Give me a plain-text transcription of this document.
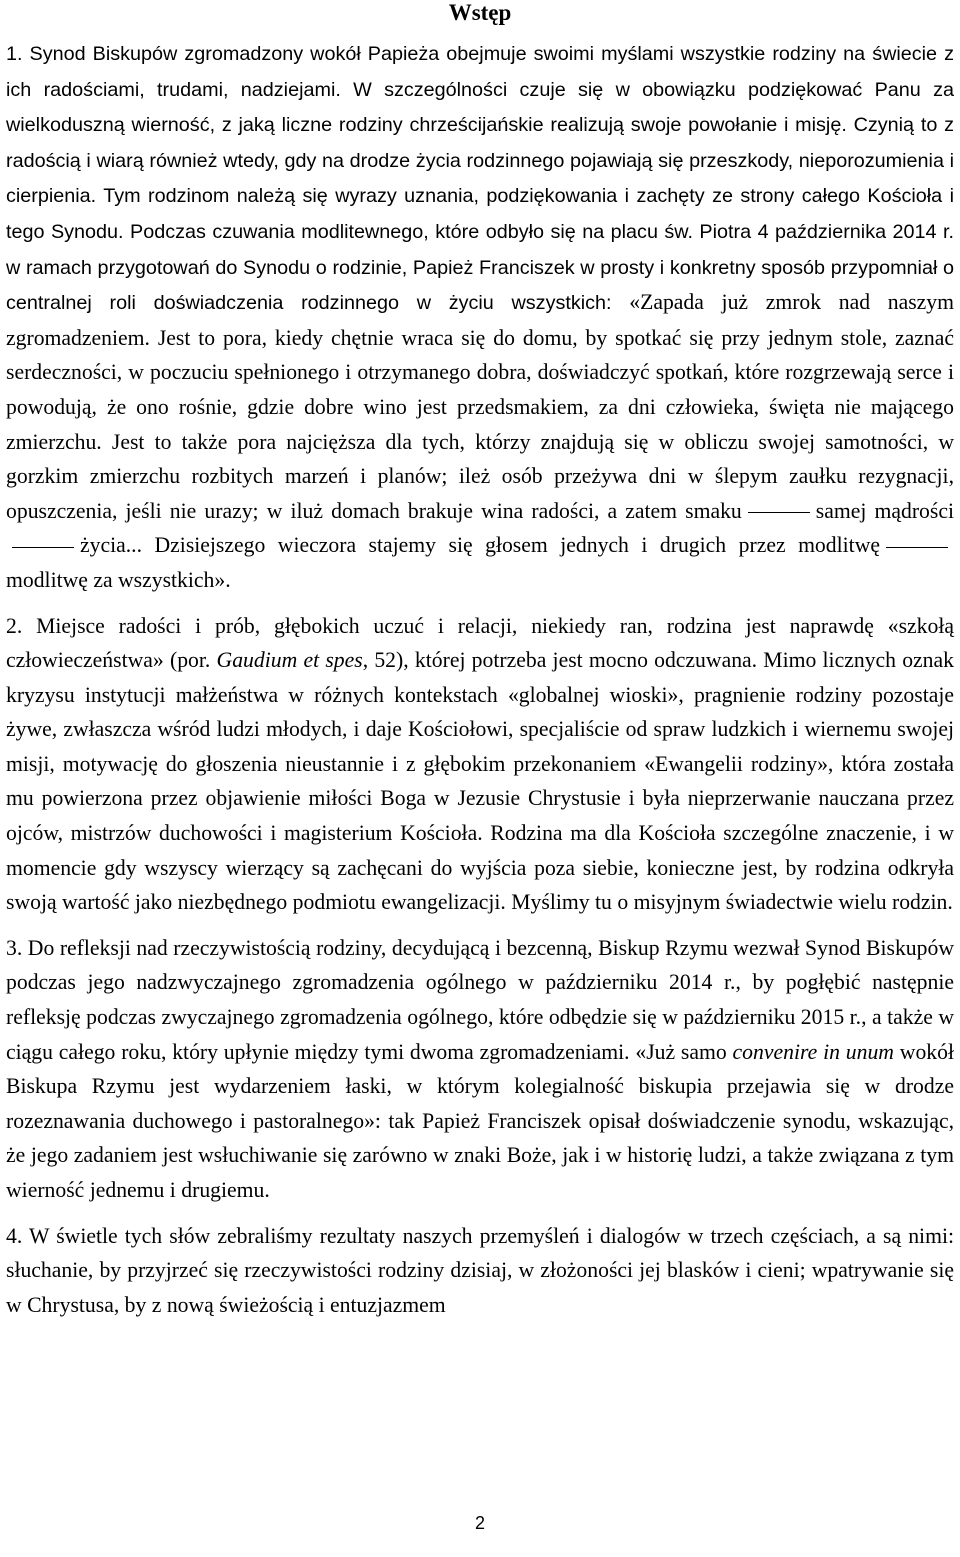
Wstęp

1. Synod Biskupów zgromadzony wokół Papieża obejmuje swoimi myślami wszystkie rodziny na świecie z ich radościami, trudami, nadziejami. W szczególności czuje się w obowiązku podziękować Panu za wielkoduszną wierność, z jaką liczne rodziny chrześcijańskie realizują swoje powołanie i misję. Czynią to z radością i wiarą również wtedy, gdy na drodze życia rodzinnego pojawiają się przeszkody, nieporozumienia i cierpienia. Tym rodzinom należą się wyrazy uznania, podziękowania i zachęty ze strony całego Kościoła i tego Synodu. Podczas czuwania modlitewnego, które odbyło się na placu św. Piotra 4 października 2014 r. w ramach przygotowań do Synodu o rodzinie, Papież Franciszek w prosty i konkretny sposób przypomniał o centralnej roli doświadczenia rodzinnego w życiu wszystkich: «Zapada już zmrok nad naszym zgromadzeniem. Jest to pora, kiedy chętnie wraca się do domu, by spotkać się przy jednym stole, zaznać serdeczności, w poczuciu spełnionego i otrzymanego dobra, doświadczyć spotkań, które rozgrzewają serce i powodują, że ono rośnie, gdzie dobre wino jest przedsmakiem, za dni człowieka, święta nie mającego zmierzchu. Jest to także pora najcięższa dla tych, którzy znajdują się w obliczu swojej samotności, w gorzkim zmierzchu rozbitych marzeń i planów; ileż osób przeżywa dni w ślepym zaułku rezygnacji, opuszczenia, jeśli nie urazy; w iluż domach brakuje wina radości, a zatem smaku	samej mądrościżycia... Dzisiejszego wieczora stajemy się głosem jednych i drugich przez modlitwęmodlitwę za wszystkich».

2. Miejsce radości i prób, głębokich uczuć i relacji, niekiedy ran, rodzina jest naprawdę «szkołą człowieczeństwa» (por. Gaudium et spes, 52), której potrzeba jest mocno odczuwana. Mimo licznych oznak kryzysu instytucji małżeństwa w różnych kontekstach «globalnej wioski», pragnienie rodziny pozostaje żywe, zwłaszcza wśród ludzi młodych, i daje Kościołowi, specjaliście od spraw ludzkich i wiernemu swojej misji, motywację do głoszenia nieustannie i z głębokim przekonaniem «Ewangelii rodziny», która została mu powierzona przez objawienie miłości Boga w Jezusie Chrystusie i była nieprzerwanie nauczana przez ojców, mistrzów duchowości i magisterium Kościoła. Rodzina ma dla Kościoła szczególne znaczenie, i w momencie gdy wszyscy wierzący są zachęcani do wyjścia poza siebie, konieczne jest, by rodzina odkryła swoją wartość jako niezbędnego podmiotu ewangelizacji. Myślimy tu o misyjnym świadectwie wielu rodzin.

3. Do refleksji nad rzeczywistością rodziny, decydującą i bezcenną, Biskup Rzymu wezwał Synod Biskupów podczas jego nadzwyczajnego zgromadzenia ogólnego w październiku 2014 r., by pogłębić następnie refleksję podczas zwyczajnego zgromadzenia ogólnego, które odbędzie się w październiku 2015 r., a także w ciągu całego roku, który upłynie między tymi dwoma zgromadzeniami. «Już samo convenire in unum wokół Biskupa Rzymu jest wydarzeniem łaski, w którym kolegialność biskupia przejawia się w drodze rozeznawania duchowego i pastoralnego»: tak Papież Franciszek opisał doświadczenie synodu, wskazując, że jego zadaniem jest wsłuchiwanie się zarówno w znaki Boże, jak i w historię ludzi, a także związana z tym wierność jednemu i drugiemu.

4. W świetle tych słów zebraliśmy rezultaty naszych przemyśleń i dialogów w trzech częściach, a są nimi: słuchanie, by przyjrzeć się rzeczywistości rodziny dzisiaj, w złożoności jej blasków i cieni; wpatrywanie się w Chrystusa, by z nową świeżością i entuzjazmem

2
